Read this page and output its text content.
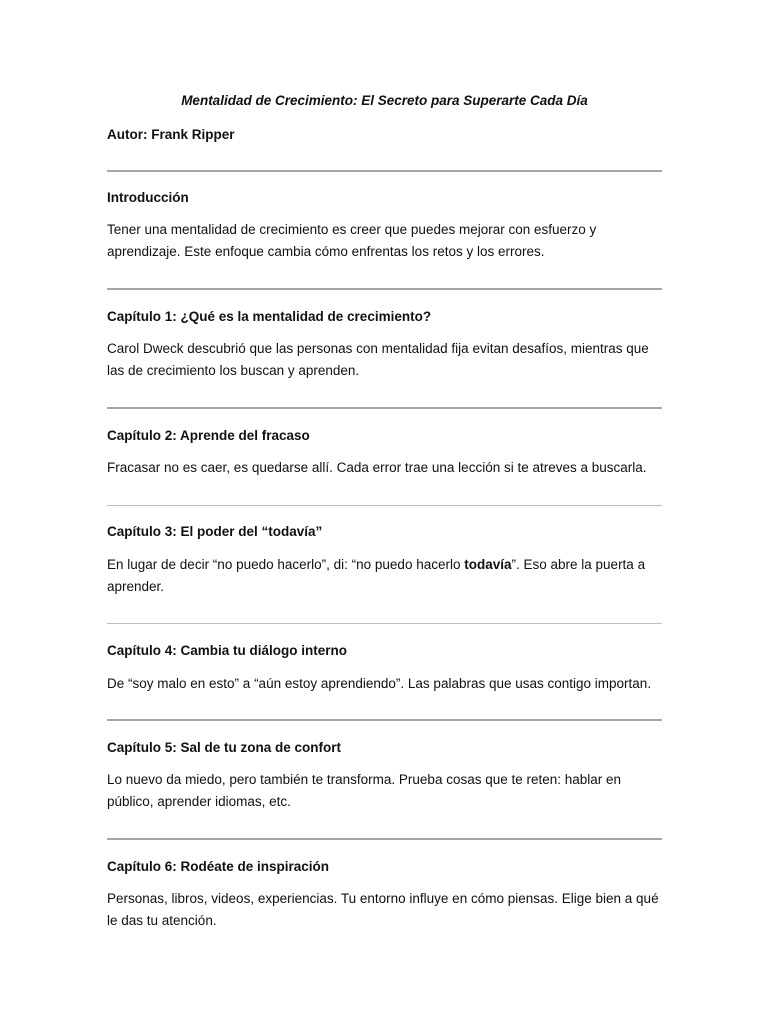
Mentalidad de Crecimiento: El Secreto para Superarte Cada Día

Autor: Frank Ripper

Introducción

Tener una mentalidad de crecimiento es creer que puedes mejorar con esfuerzo y aprendizaje. Este enfoque cambia cómo enfrentas los retos y los errores.

Capítulo 1: ¿Qué es la mentalidad de crecimiento?

Carol Dweck descubrió que las personas con mentalidad fija evitan desafíos, mientras que las de crecimiento los buscan y aprenden.

Capítulo 2: Aprende del fracaso

Fracasar no es caer, es quedarse allí. Cada error trae una lección si te atreves a buscarla.

Capítulo 3: El poder del “todavía”

En lugar de decir “no puedo hacerlo”, di: “no puedo hacerlo todavía”. Eso abre la puerta a aprender.

Capítulo 4: Cambia tu diálogo interno

De “soy malo en esto” a “aún estoy aprendiendo”. Las palabras que usas contigo importan.

Capítulo 5: Sal de tu zona de confort

Lo nuevo da miedo, pero también te transforma. Prueba cosas que te reten: hablar en público, aprender idiomas, etc.

Capítulo 6: Rodéate de inspiración

Personas, libros, videos, experiencias. Tu entorno influye en cómo piensas. Elige bien a qué le das tu atención.
